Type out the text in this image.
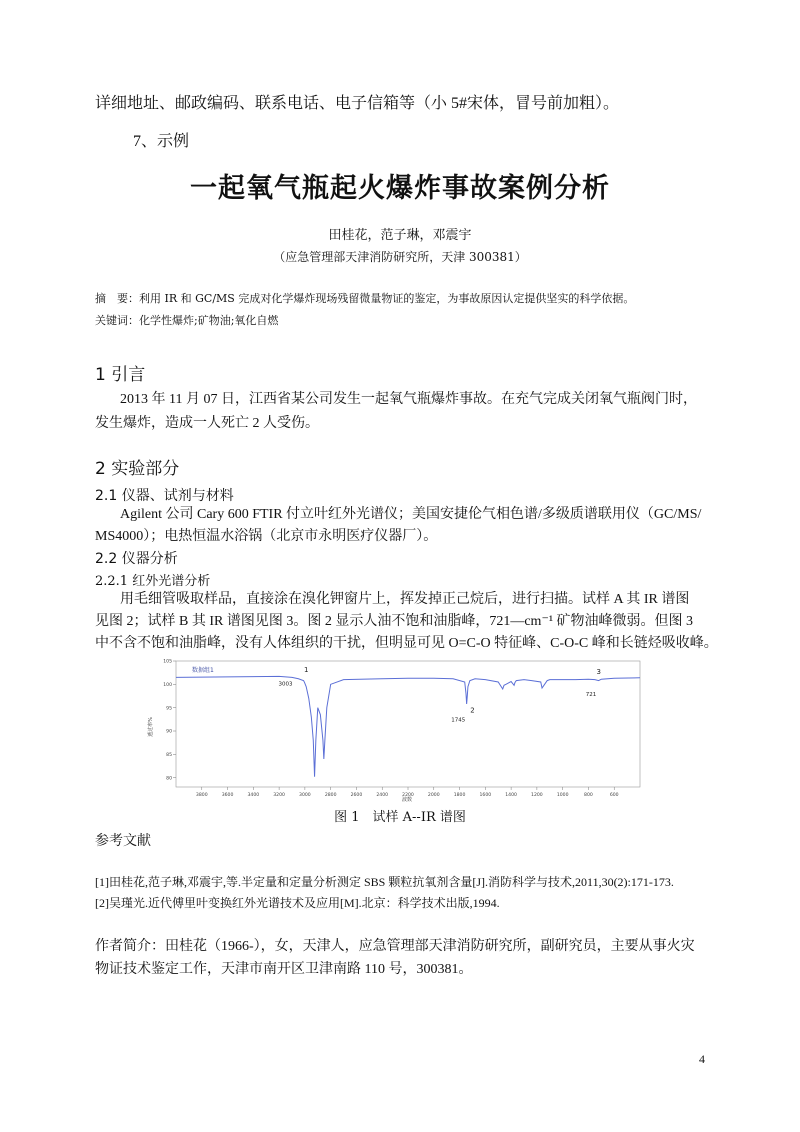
详细地址、邮政编码、联系电话、电子信箱等（小 5#宋体，冒号前加粗）。
7、示例
一起氧气瓶起火爆炸事故案例分析
田桂花，范子琳，邓震宇
（应急管理部天津消防研究所，天津 300381）
摘　要：利用 IR 和 GC/MS 完成对化学爆炸现场残留微量物证的鉴定，为事故原因认定提供坚实的科学依据。
关键词：化学性爆炸;矿物油;氧化自燃
1 引言
2013 年 11 月 07 日，江西省某公司发生一起氧气瓶爆炸事故。在充气完成关闭氧气瓶阀门时，
发生爆炸，造成一人死亡 2 人受伤。
2 实验部分
2.1 仪器、试剂与材料
Agilent 公司 Cary 600 FTIR 付立叶红外光谱仪；美国安捷伦气相色谱/多级质谱联用仪（GC/MS/
MS4000）；电热恒温水浴锅（北京市永明医疗仪器厂）。
2.2 仪器分析
2.2.1 红外光谱分析
用毛细管吸取样品，直接涂在溴化钾窗片上，挥发掉正己烷后，进行扫描。试样 A 其 IR 谱图
见图 2；试样 B 其 IR 谱图见图 3。图 2 显示人油不饱和油脂峰，721—cm⁻¹ 矿物油峰微弱。但图 3
中不含不饱和油脂峰，没有人体组织的干扰，但明显可见 O=C-O 特征峰、C-O-C 峰和长链烃吸收峰。
3800	3600	3400	3200	3000	2800	2600	2400	2200	2000	1800	1600	1400	1200	1000	800	600
80
85
90
95
100
105
1
3003
2
1745
3
721
数据组1
波数
透过率%
图 1　试样 A--IR 谱图
参考文献
[1]田桂花,范子琳,邓震宇,等.半定量和定量分析测定 SBS 颗粒抗氧剂含量[J].消防科学与技术,2011,30(2):171-173.
[2]吴瑾光.近代傅里叶变换红外光谱技术及应用[M].北京：科学技术出版,1994.
作者简介：田桂花（1966-），女，天津人，应急管理部天津消防研究所，副研究员，主要从事火灾
物证技术鉴定工作，天津市南开区卫津南路 110 号，300381。
4
